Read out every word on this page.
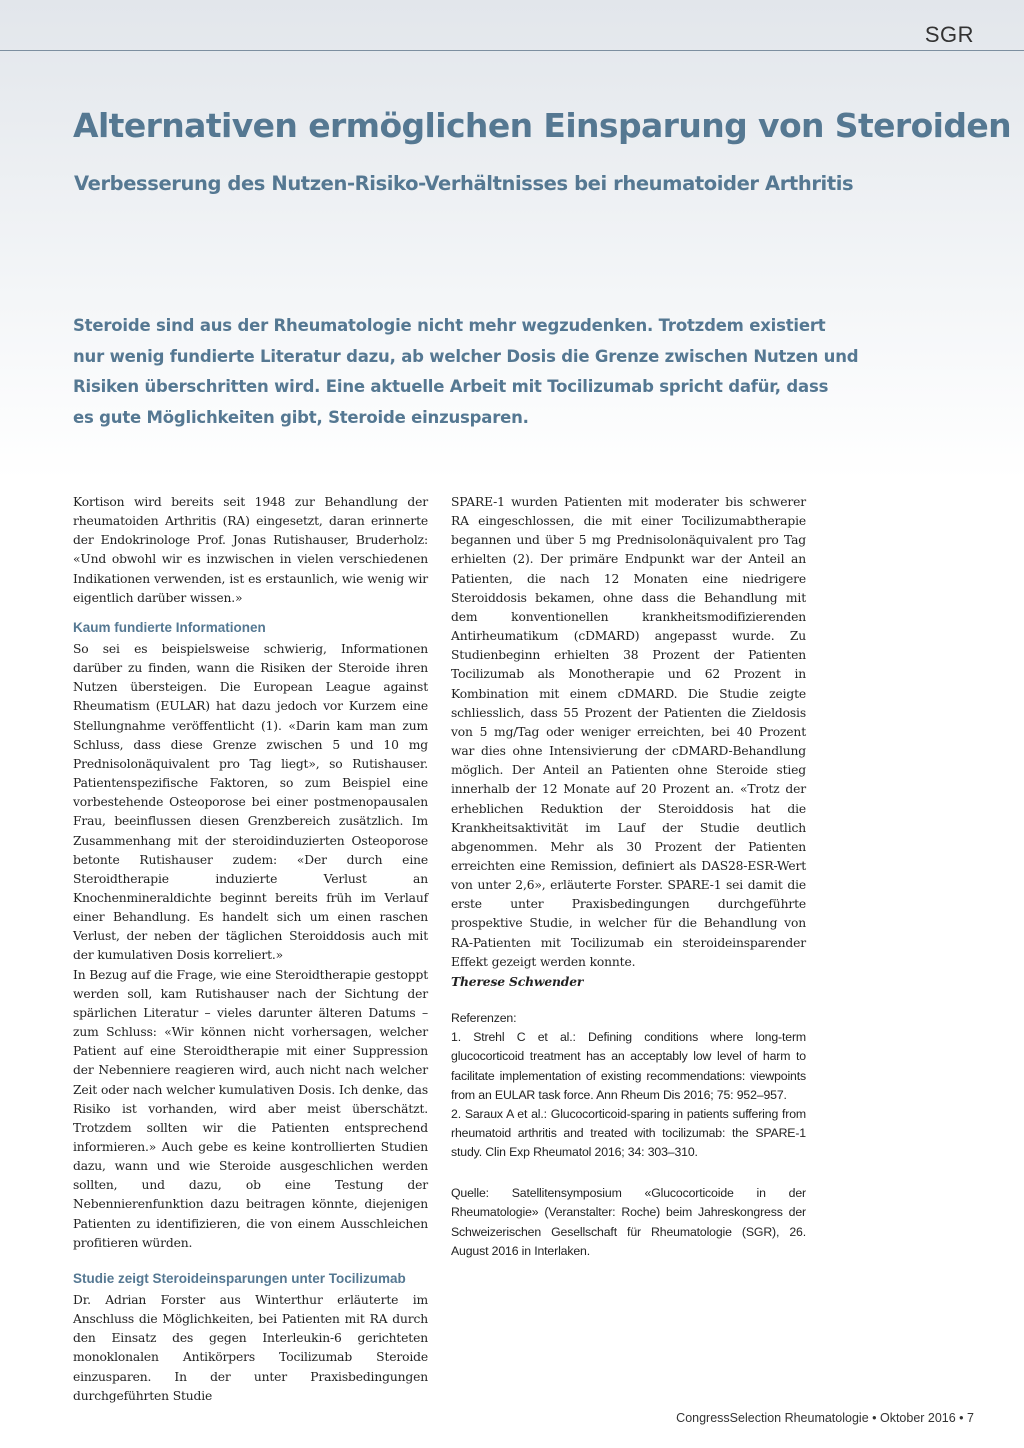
SGR
Alternativen ermöglichen Einsparung von Steroiden
Verbesserung des Nutzen-Risiko-Verhältnisses bei rheumatoider Arthritis

Steroide sind aus der Rheumatologie nicht mehr wegzudenken. Trotzdem existiert
nur wenig fundierte Literatur dazu, ab welcher Dosis die Grenze zwischen Nutzen und
Risiken überschritten wird. Eine aktuelle Arbeit mit Tocilizumab spricht dafür, dass
es gute Möglichkeiten gibt, Steroide einzusparen.

Kortison wird bereits seit 1948 zur Behandlung der rheumatoiden Arthritis (RA) eingesetzt, daran erinnerte der Endokrinologe Prof. Jonas Rutishauser, Bruderholz: «Und obwohl wir es inzwischen in vielen verschiedenen Indikationen verwenden, ist es erstaunlich, wie wenig wir eigentlich darüber wissen.»

Kaum fundierte Informationen

So sei es beispielsweise schwierig, Informationen darüber zu finden, wann die Risiken der Steroide ihren Nutzen übersteigen. Die European League against Rheumatism (EULAR) hat dazu jedoch vor Kurzem eine Stellungnahme veröffentlicht (1). «Darin kam man zum Schluss, dass diese Grenze zwischen 5 und 10 mg Prednisolonäquivalent pro Tag liegt», so Rutishauser. Patientenspezifische Faktoren, so zum Beispiel eine vorbestehende Osteoporose bei einer postmenopausalen Frau, beeinflussen diesen Grenzbereich zusätzlich. Im Zusammenhang mit der steroidinduzierten Osteoporose betonte Rutishauser zudem: «Der durch eine Steroidtherapie induzierte Verlust an Knochenmineraldichte beginnt bereits früh im Verlauf einer Behandlung. Es handelt sich um einen raschen Verlust, der neben der täglichen Steroiddosis auch mit der kumulativen Dosis korreliert.»

In Bezug auf die Frage, wie eine Steroidtherapie gestoppt werden soll, kam Rutishauser nach der Sichtung der spärlichen Literatur – vieles darunter älteren Datums – zum Schluss: «Wir können nicht vorhersagen, welcher Patient auf eine Steroidtherapie mit einer Suppression der Nebenniere reagieren wird, auch nicht nach welcher Zeit oder nach welcher kumulativen Dosis. Ich denke, das Risiko ist vorhanden, wird aber meist überschätzt. Trotzdem sollten wir die Patienten entsprechend informieren.» Auch gebe es keine kontrollierten Studien dazu, wann und wie Steroide ausgeschlichen werden sollten, und dazu, ob eine Testung der Nebennierenfunktion dazu beitragen könnte, diejenigen Patienten zu identifizieren, die von einem Ausschleichen profitieren würden.

Studie zeigt Steroideinsparungen unter Tocilizumab

Dr. Adrian Forster aus Winterthur erläuterte im Anschluss die Möglichkeiten, bei Patienten mit RA durch den Einsatz des gegen Interleukin-6 gerichteten monoklonalen Antikörpers Tocilizumab Steroide einzusparen. In der unter Praxisbedingungen durchgeführten Studie

SPARE-1 wurden Patienten mit moderater bis schwerer RA eingeschlossen, die mit einer Tocilizumabtherapie begannen und über 5 mg Prednisolonäquivalent pro Tag erhielten (2). Der primäre Endpunkt war der Anteil an Patienten, die nach 12 Monaten eine niedrigere Steroiddosis bekamen, ohne dass die Behandlung mit dem konventionellen krankheitsmodifizierenden Antirheumatikum (cDMARD) angepasst wurde. Zu Studienbeginn erhielten 38 Prozent der Patienten Tocilizumab als Monotherapie und 62 Prozent in Kombination mit einem cDMARD. Die Studie zeigte schliesslich, dass 55 Prozent der Patienten die Zieldosis von 5 mg/Tag oder weniger erreichten, bei 40 Prozent war dies ohne Intensivierung der cDMARD-Behandlung möglich. Der Anteil an Patienten ohne Steroide stieg innerhalb der 12 Monate auf 20 Prozent an. «Trotz der erheblichen Reduktion der Steroiddosis hat die Krankheitsaktivität im Lauf der Studie deutlich abgenommen. Mehr als 30 Prozent der Patienten erreichten eine Remission, definiert als DAS28-ESR-Wert von unter 2,6», erläuterte Forster. SPARE-1 sei damit die erste unter Praxisbedingungen durchgeführte prospektive Studie, in welcher für die Behandlung von RA-Patienten mit Tocilizumab ein steroideinsparender Effekt gezeigt werden konnte.

Therese Schwender

Referenzen:

1. Strehl C et al.: Defining conditions where long-term glucocorticoid treatment has an acceptably low level of harm to facilitate implementation of existing recommendations: viewpoints from an EULAR task force. Ann Rheum Dis 2016; 75: 952–957.

2. Saraux A et al.: Glucocorticoid-sparing in patients suffering from rheumatoid arthritis and treated with tocilizumab: the SPARE-1 study. Clin Exp Rheumatol 2016; 34: 303–310.

Quelle: Satellitensymposium «Glucocorticoide in der Rheumatologie» (Veranstalter: Roche) beim Jahreskongress der Schweizerischen Gesellschaft für Rheumatologie (SGR), 26. August 2016 in Interlaken.

CongressSelection Rheumatologie • Oktober 2016 • 7
